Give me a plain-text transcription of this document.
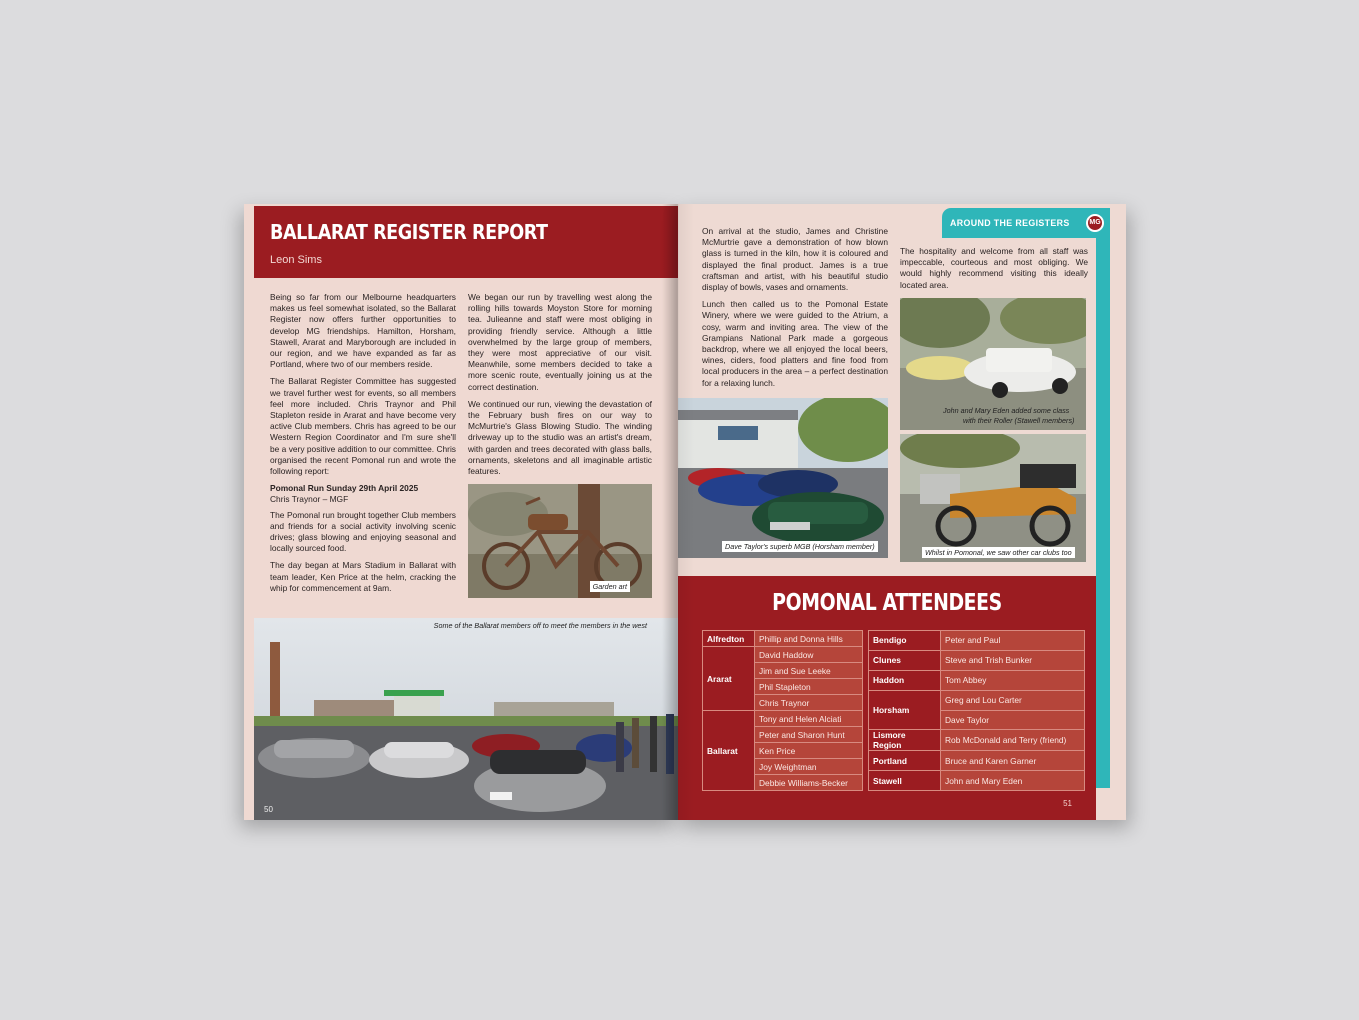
BALLARAT REGISTER REPORT
Leon Sims

Being so far from our Melbourne headquarters makes us feel somewhat isolated, so the Ballarat Register now offers further opportunities to develop MG friendships. Hamilton, Horsham, Stawell, Ararat and Maryborough are included in our region, and we have expanded as far as Portland, where two of our members reside.

The Ballarat Register Committee has suggested we travel further west for events, so all members feel more included. Chris Traynor and Phil Stapleton reside in Ararat and have become very active Club members. Chris has agreed to be our Western Region Coordinator and I'm sure she'll be a very positive addition to our committee. Chris organised the recent Pomonal run and wrote the following report:

Pomonal Run Sunday 29th April 2025

Chris Traynor – MGF

The Pomonal run brought together Club members and friends for a social activity involving scenic drives; glass blowing and enjoying seasonal and locally sourced food.

The day began at Mars Stadium in Ballarat with team leader, Ken Price at the helm, cracking the whip for commencement at 9am.

We began our run by travelling west along the rolling hills towards Moyston Store for morning tea. Julieanne and staff were most obliging in providing friendly service. Although a little overwhelmed by the large group of members, they were most appreciative of our visit. Meanwhile, some members decided to take a more scenic route, eventually joining us at the correct destination.

We continued our run, viewing the devastation of the February bush fires on our way to McMurtrie's Glass Blowing Studio. The winding driveway up to the studio was an artist's dream, with garden and trees decorated with glass balls, ornaments, skeletons and all imaginable artistic features.

Garden art
Some of the Ballarat members off to meet the members in the west
50
AROUND THE REGISTERS	MG

On arrival at the studio, James and Christine McMurtrie gave a demonstration of how blown glass is turned in the kiln, how it is coloured and displayed the final product. James is a true craftsman and artist, with his beautiful studio display of bowls, vases and ornaments.

Lunch then called us to the Pomonal Estate Winery, where we were guided to the Atrium, a cosy, warm and inviting area. The view of the Grampians National Park made a gorgeous backdrop, where we all enjoyed the local beers, wines, ciders, food platters and fine food from local producers in the area – a perfect destination for a relaxing lunch.

The hospitality and welcome from all staff was impeccable, courteous and most obliging. We would highly recommend visiting this ideally located area.

Dave Taylor's superb MGB (Horsham member)
John and Mary Eden added some class
with their Roller (Stawell members)
Whilst in Pomonal, we saw other car clubs too
POMONAL ATTENDEES
Alfredton	Phillip and Donna Hills
Ararat	David Haddow
	Jim and Sue Leeke
	Phil Stapleton
	Chris Traynor
Ballarat	Tony and Helen Alciati
	Peter and Sharon Hunt
	Ken Price
	Joy Weightman
	Debbie Williams-Becker
Bendigo	Peter and Paul
Clunes	Steve and Trish Bunker
Haddon	Tom Abbey
Horsham	Greg and Lou Carter
	Dave Taylor
Lismore Region	Rob McDonald and Terry (friend)
Portland	Bruce and Karen Garner
Stawell	John and Mary Eden
51
